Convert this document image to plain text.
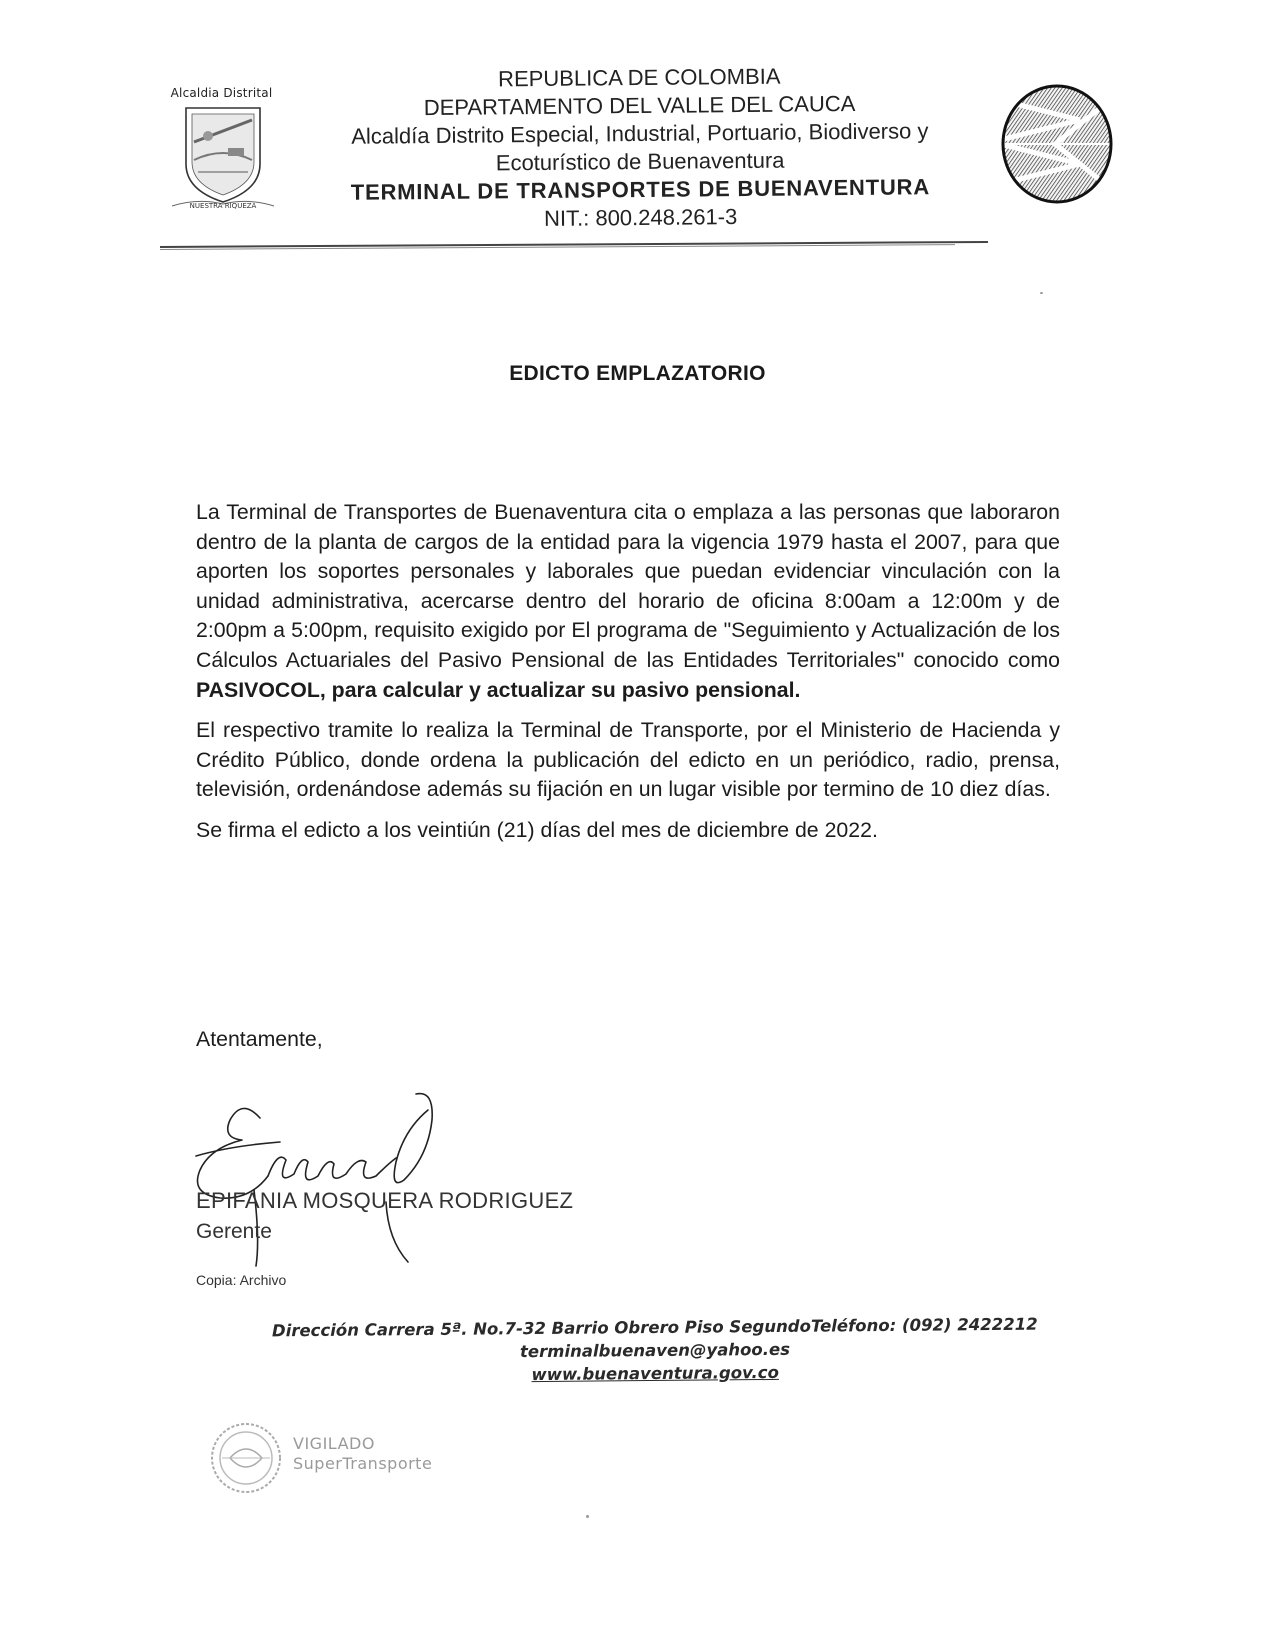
Alcaldia Distrital
NUESTRA RIQUEZA
REPUBLICA DE COLOMBIA
DEPARTAMENTO DEL VALLE DEL CAUCA
Alcaldía Distrito Especial, Industrial, Portuario, Biodiverso y
Ecoturístico de Buenaventura
TERMINAL DE TRANSPORTES DE BUENAVENTURA
NIT.: 800.248.261-3
EDICTO EMPLAZATORIO

La Terminal de Transportes de Buenaventura cita o emplaza a las personas que laboraron dentro de la planta de cargos de la entidad para la vigencia 1979 hasta el 2007, para que aporten los soportes personales y laborales que puedan evidenciar vinculación con la unidad administrativa, acercarse dentro del horario de oficina 8:00am a 12:00m y de 2:00pm a 5:00pm, requisito exigido por El programa de "Seguimiento y Actualización de los Cálculos Actuariales del Pasivo Pensional de las Entidades Territoriales" conocido como PASIVOCOL, para calcular y actualizar su pasivo pensional.

El respectivo tramite lo realiza la Terminal de Transporte, por el Ministerio de Hacienda y Crédito Público, donde ordena la publicación del edicto en un periódico, radio, prensa, televisión, ordenándose además su fijación en un lugar visible por termino de 10 diez días.

Se firma el edicto a los veintiún (21) días del mes de diciembre de 2022.

Atentamente,
EPIFANIA MOSQUERA RODRIGUEZ
Gerente
Copia: Archivo
Dirección Carrera 5ª. No.7-32 Barrio Obrero Piso SegundoTeléfono: (092) 2422212
terminalbuenaven@yahoo.es
www.buenaventura.gov.co
VIGILADO
SuperTransporte
